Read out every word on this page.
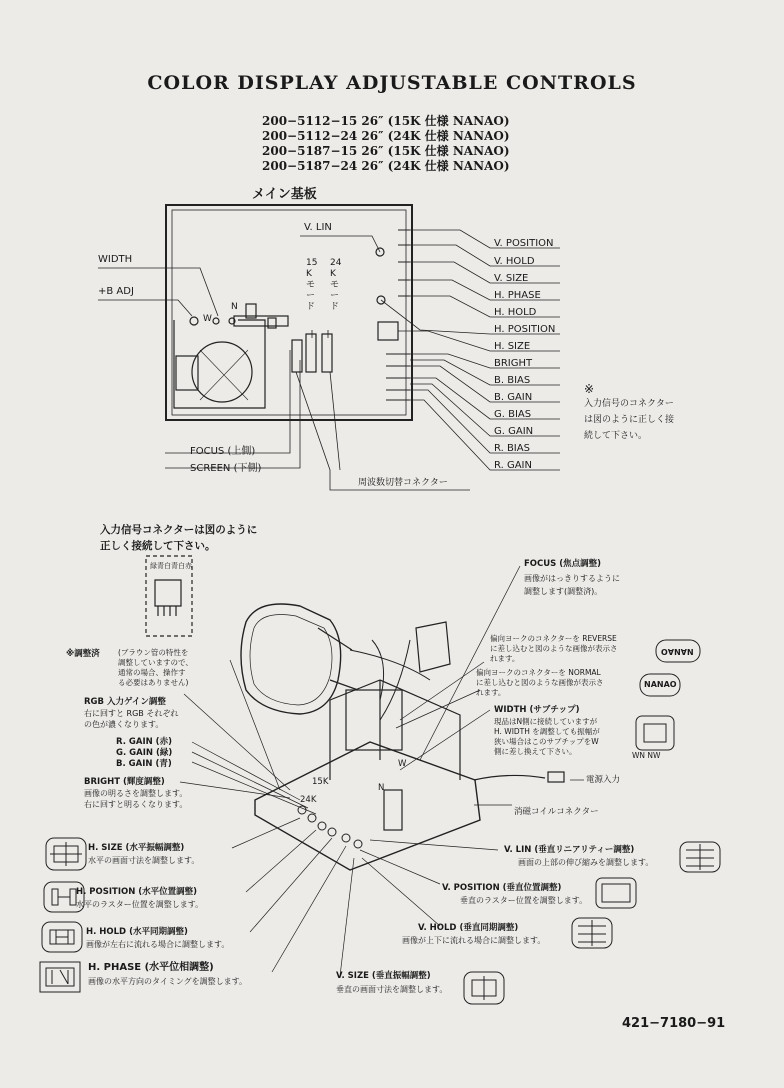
COLOR DISPLAY ADJUSTABLE CONTROLS
200−5112−15 26″ (15K 仕様 NANAO)
200−5112−24 26″ (24K 仕様 NANAO)
200−5187−15 26″ (15K 仕様 NANAO)
200−5187−24 26″ (24K 仕様 NANAO)
メイン基板
V. LIN
WIDTH
+B ADJ
W
N
15 K モ ー ド
24 K モ ー ド
FOCUS (上側)
SCREEN (下側)
周波数切替コネクター
V. POSITION
V. HOLD
V. SIZE
H. PHASE
H. HOLD
H. POSITION
H. SIZE
BRIGHT
B. BIAS
B. GAIN
G. BIAS
G. GAIN
R. BIAS
R. GAIN
※
入力信号のコネクター
は図のように正しく接
続して下さい。
入力信号コネクターは図のように
正しく接続して下さい。
緑青白青白赤
※調整済 (ブラウン管の特性を
調整していますので、
通常の場合、操作す
る必要はありません)
RGB 入力ゲイン調整
右に回すと RGB それぞれ
の色が濃くなります。
R. GAIN (赤)
G. GAIN (緑)
B. GAIN (青)
BRIGHT (輝度調整)
画像の明るさを調整します。
右に回すと明るくなります。
FOCUS (焦点調整)
画像がはっきりするように
調整します(調整済)。
偏向ヨークのコネクターを REVERSE
に差し込むと図のような画像が表示さ
れます。
NANAO
偏向ヨークのコネクターを NORMAL
に差し込むと図のような画像が表示さ
れます。
NANAO
WIDTH (サブチップ)
現品はN側に接続していますが
H. WIDTH を調整しても振幅が
狭い場合はこのサブチップをW
側に差し換えて下さい。	WN NW
15K
24K
W
N
電源入力
消磁コイルコネクター
H. SIZE (水平振幅調整)
水平の画面寸法を調整します。
H. POSITION (水平位置調整)
水平のラスター位置を調整します。
H. HOLD (水平同期調整)
画像が左右に流れる場合に調整します。
H. PHASE (水平位相調整)
画像の水平方向のタイミングを調整します。
V. LIN (垂直リニアリティー調整)
画面の上部の伸び縮みを調整します。
V. POSITION (垂直位置調整)
垂直のラスター位置を調整します。
V. HOLD (垂直同期調整)
画像が上下に流れる場合に調整します。
V. SIZE (垂直振幅調整)
垂直の画面寸法を調整します。
421−7180−91
